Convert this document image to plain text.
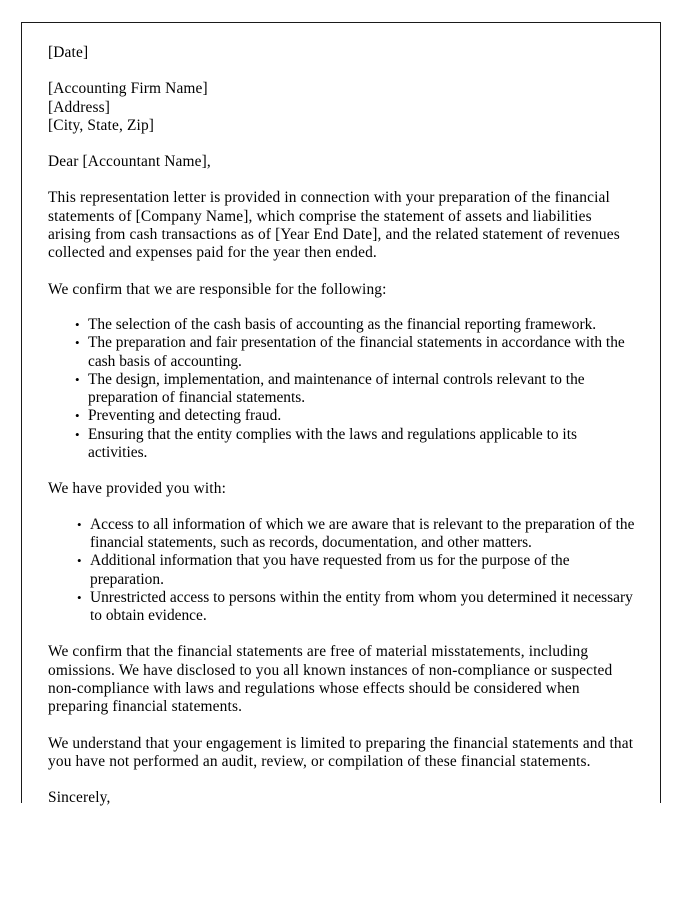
[Date]
[Accounting Firm Name]
[Address]
[City, State, Zip]
Dear [Accountant Name],

This representation letter is provided in connection with your preparation of the financial statements of [Company Name], which comprise the statement of assets and liabilities arising from cash transactions as of [Year End Date], and the related statement of revenues collected and expenses paid for the year then ended.

We confirm that we are responsible for the following:

• The selection of the cash basis of accounting as the financial reporting framework.
• The preparation and fair presentation of the financial statements in accordance with the cash basis of accounting.
• The design, implementation, and maintenance of internal controls relevant to the preparation of financial statements.
• Preventing and detecting fraud.
• Ensuring that the entity complies with the laws and regulations applicable to its activities.

We have provided you with:

• Access to all information of which we are aware that is relevant to the preparation of the financial statements, such as records, documentation, and other matters.
• Additional information that you have requested from us for the purpose of the preparation.
• Unrestricted access to persons within the entity from whom you determined it necessary to obtain evidence.

We confirm that the financial statements are free of material misstatements, including omissions. We have disclosed to you all known instances of non-compliance or suspected non-compliance with laws and regulations whose effects should be considered when preparing financial statements.

We understand that your engagement is limited to preparing the financial statements and that you have not performed an audit, review, or compilation of these financial statements.

Sincerely,
